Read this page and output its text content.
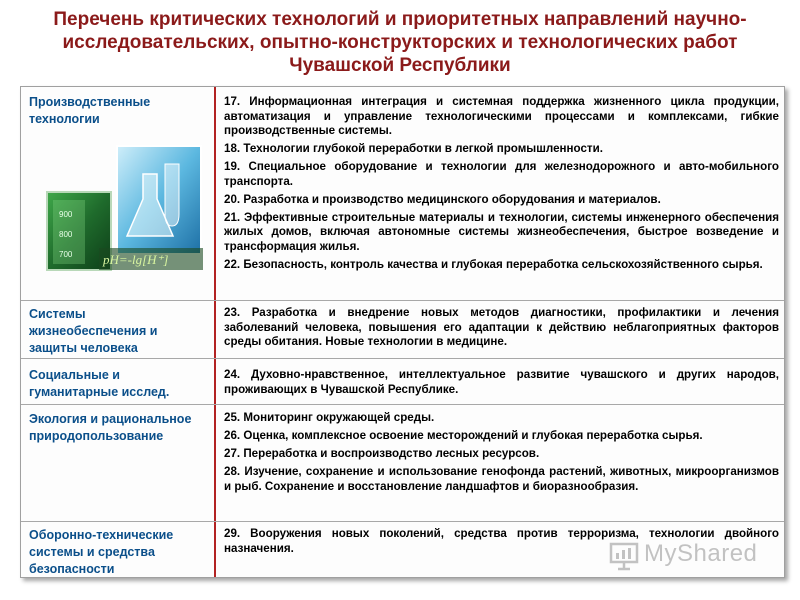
Перечень критических технологий и приоритетных направлений научно-исследовательских, опытно-конструкторских и технологических работ Чувашской Республики
Производственные технологии

17. Информационная интеграция и системная поддержка жизненного цикла продукции, автоматизация и управление технологическими процессами и комплексами, гибкие производственные системы.

18. Технологии глубокой переработки в легкой промышленности.

19. Специальное оборудование и технологии для железнодорожного и авто-мобильного транспорта.

20. Разработка и производство медицинского оборудования и материалов.

21. Эффективные строительные материалы и технологии, системы инженерного обеспечения жилых домов, включая автономные системы жизнеобеспечения, быстрое возведение и трансформация жилья.

22. Безопасность, контроль качества и глубокая переработка сельскохозяйственного сырья.

900
800
700 pH=-lg[H⁺]
Системы жизнеобеспечения и защиты человека

23. Разработка и внедрение новых методов диагностики, профилактики и лечения заболеваний человека, повышения его адаптации к действию неблагоприятных факторов среды обитания. Новые технологии в медицине.

Социальные и гуманитарные исслед.

24. Духовно-нравственное, интеллектуальное развитие чувашского и других народов, проживающих в Чувашской Республике.

Экология и рациональное природопользование

25. Мониторинг окружающей среды.

26. Оценка, комплексное освоение месторождений и глубокая переработка сырья.

27. Переработка и воспроизводство лесных ресурсов.

28. Изучение, сохранение и использование генофонда растений, животных, микроорганизмов и рыб. Сохранение и восстановление ландшафтов и биоразнообразия.

Оборонно-технические системы и средства безопасности

29. Вооружения новых поколений, средства против терроризма, технологии двойного назначения.	MyShared
